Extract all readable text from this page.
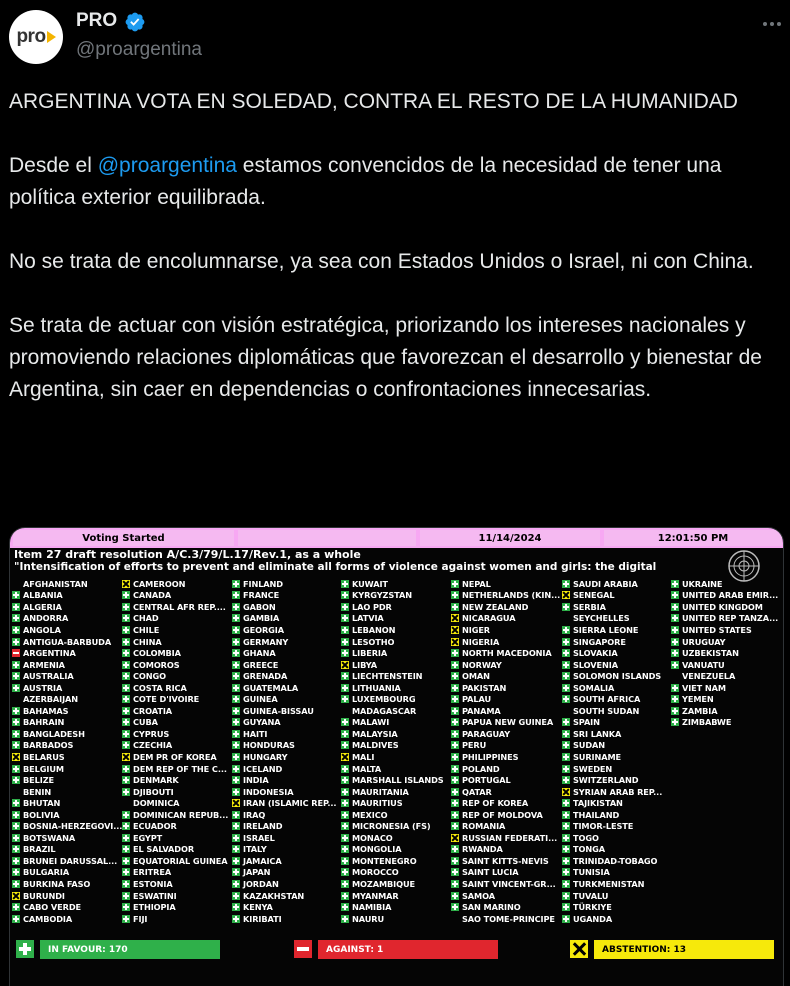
pro
PRO
@proargentina

ARGENTINA VOTA EN SOLEDAD, CONTRA EL RESTO DE LA HUMANIDAD

Desde el @proargentina estamos convencidos de la necesidad de tener una política exterior equilibrada.

No se trata de encolumnarse, ya sea con Estados Unidos o Israel, ni con China.

Se trata de actuar con visión estratégica, priorizando los intereses nacionales y promoviendo relaciones diplomáticas que favorezcan el desarrollo y bienestar de Argentina, sin caer en dependencias o confrontaciones innecesarias.

Voting Started	11/14/2024	12:01:50 PM
Item 27 draft resolution A/C.3/79/L.17/Rev.1, as a whole
"Intensification of efforts to prevent and eliminate all forms of violence against women and girls: the digital
AFGHANISTAN
ALBANIA
ALGERIA
ANDORRA
ANGOLA
ANTIGUA-BARBUDA
ARGENTINA
ARMENIA
AUSTRALIA
AUSTRIA
AZERBAIJAN
BAHAMAS
BAHRAIN
BANGLADESH
BARBADOS
BELARUS
BELGIUM
BELIZE
BENIN
BHUTAN
BOLIVIA
BOSNIA-HERZEGOVI...
BOTSWANA
BRAZIL
BRUNEI DARUSSAL...
BULGARIA
BURKINA FASO
BURUNDI
CABO VERDE
CAMBODIA
CAMEROON
CANADA
CENTRAL AFR REP....
CHAD
CHILE
CHINA
COLOMBIA
COMOROS
CONGO
COSTA RICA
COTE D'IVOIRE
CROATIA
CUBA
CYPRUS
CZECHIA
DEM PR OF KOREA
DEM REP OF THE C...
DENMARK
DJIBOUTI
DOMINICA
DOMINICAN REPUB...
ECUADOR
EGYPT
EL SALVADOR
EQUATORIAL GUINEA
ERITREA
ESTONIA
ESWATINI
ETHIOPIA
FIJI
FINLAND
FRANCE
GABON
GAMBIA
GEORGIA
GERMANY
GHANA
GREECE
GRENADA
GUATEMALA
GUINEA
GUINEA-BISSAU
GUYANA
HAITI
HONDURAS
HUNGARY
ICELAND
INDIA
INDONESIA
IRAN (ISLAMIC REP...
IRAQ
IRELAND
ISRAEL
ITALY
JAMAICA
JAPAN
JORDAN
KAZAKHSTAN
KENYA
KIRIBATI
KUWAIT
KYRGYZSTAN
LAO PDR
LATVIA
LEBANON
LESOTHO
LIBERIA
LIBYA
LIECHTENSTEIN
LITHUANIA
LUXEMBOURG
MADAGASCAR
MALAWI
MALAYSIA
MALDIVES
MALI
MALTA
MARSHALL ISLANDS
MAURITANIA
MAURITIUS
MEXICO
MICRONESIA (FS)
MONACO
MONGOLIA
MONTENEGRO
MOROCCO
MOZAMBIQUE
MYANMAR
NAMIBIA
NAURU
NEPAL
NETHERLANDS (KIN...
NEW ZEALAND
NICARAGUA
NIGER
NIGERIA
NORTH MACEDONIA
NORWAY
OMAN
PAKISTAN
PALAU
PANAMA
PAPUA NEW GUINEA
PARAGUAY
PERU
PHILIPPINES
POLAND
PORTUGAL
QATAR
REP OF KOREA
REP OF MOLDOVA
ROMANIA
RUSSIAN FEDERATI...
RWANDA
SAINT KITTS-NEVIS
SAINT LUCIA
SAINT VINCENT-GR...
SAMOA
SAN MARINO
SAO TOME-PRINCIPE
SAUDI ARABIA
SENEGAL
SERBIA
SEYCHELLES
SIERRA LEONE
SINGAPORE
SLOVAKIA
SLOVENIA
SOLOMON ISLANDS
SOMALIA
SOUTH AFRICA
SOUTH SUDAN
SPAIN
SRI LANKA
SUDAN
SURINAME
SWEDEN
SWITZERLAND
SYRIAN ARAB REP...
TAJIKISTAN
THAILAND
TIMOR-LESTE
TOGO
TONGA
TRINIDAD-TOBAGO
TUNISIA
TURKMENISTAN
TUVALU
TÜRKIYE
UGANDA
UKRAINE
UNITED ARAB EMIR...
UNITED KINGDOM
UNITED REP TANZA...
UNITED STATES
URUGUAY
UZBEKISTAN
VANUATU
VENEZUELA
VIET NAM
YEMEN
ZAMBIA
ZIMBABWE
IN FAVOUR: 170	AGAINST: 1	ABSTENTION: 13
